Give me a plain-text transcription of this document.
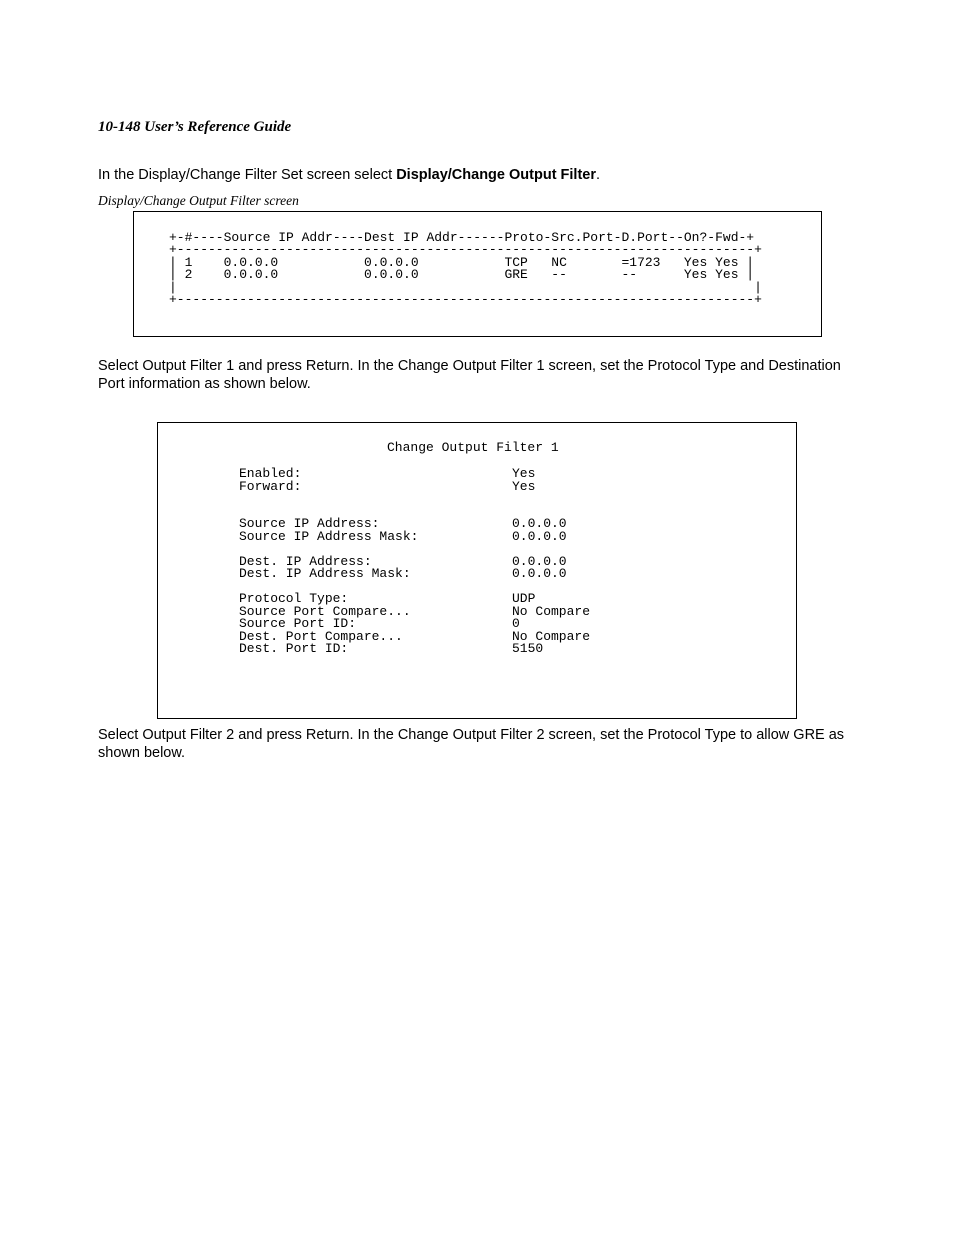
10-148 User’s Reference Guide

In the Display/Change Filter Set screen select Display/Change Output Filter.

Display/Change Output Filter screen

+-#----Source IP Addr----Dest IP Addr------Proto-Src.Port-D.Port--On?-Fwd-+
+--------------------------------------------------------------------------+
| 1    0.0.0.0           0.0.0.0           TCP   NC       =1723   Yes Yes |
| 2    0.0.0.0           0.0.0.0           GRE   --       --      Yes Yes |
|                                                                          |
+--------------------------------------------------------------------------+

Select Output Filter 1 and press Return. In the Change Output Filter 1 screen, set the Protocol Type and Destination Port information as shown below.

Change Output Filter 1
Enabled:	Yes
Forward:	Yes
Source IP Address:	0.0.0.0
Source IP Address Mask:	0.0.0.0
Dest. IP Address:	0.0.0.0
Dest. IP Address Mask:	0.0.0.0
Protocol Type:	UDP
Source Port Compare...	No Compare
Source Port ID:	0
Dest. Port Compare...	No Compare
Dest. Port ID:	5150

Select Output Filter 2 and press Return. In the Change Output Filter 2 screen, set the Protocol Type to allow GRE as shown below.
